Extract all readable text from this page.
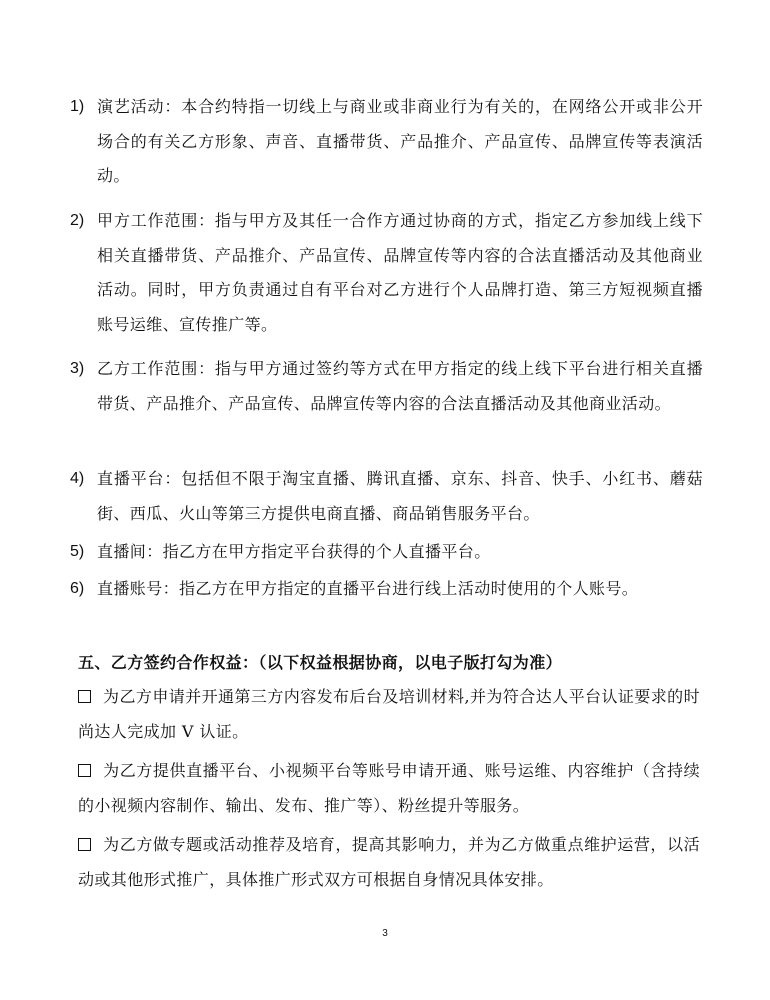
1) 演艺活动：本合约特指一切线上与商业或非商业行为有关的，在网络公开或非公开场合的有关乙方形象、声音、直播带货、产品推介、产品宣传、品牌宣传等表演活动。
2) 甲方工作范围：指与甲方及其任一合作方通过协商的方式，指定乙方参加线上线下相关直播带货、产品推介、产品宣传、品牌宣传等内容的合法直播活动及其他商业活动。同时，甲方负责通过自有平台对乙方进行个人品牌打造、第三方短视频直播账号运维、宣传推广等。
3) 乙方工作范围：指与甲方通过签约等方式在甲方指定的线上线下平台进行相关直播带货、产品推介、产品宣传、品牌宣传等内容的合法直播活动及其他商业活动。
4) 直播平台：包括但不限于淘宝直播、腾讯直播、京东、抖音、快手、小红书、蘑菇街、西瓜、火山等第三方提供电商直播、商品销售服务平台。
5) 直播间：指乙方在甲方指定平台获得的个人直播平台。
6) 直播账号：指乙方在甲方指定的直播平台进行线上活动时使用的个人账号。
五、乙方签约合作权益：（以下权益根据协商，以电子版打勾为准）
为乙方申请并开通第三方内容发布后台及培训材料,并为符合达人平台认证要求的时尚达人完成加 V 认证。
为乙方提供直播平台、小视频平台等账号申请开通、账号运维、内容维护（含持续的小视频内容制作、输出、发布、推广等）、粉丝提升等服务。
为乙方做专题或活动推荐及培育，提高其影响力，并为乙方做重点维护运营，以活动或其他形式推广，具体推广形式双方可根据自身情况具体安排。
3
